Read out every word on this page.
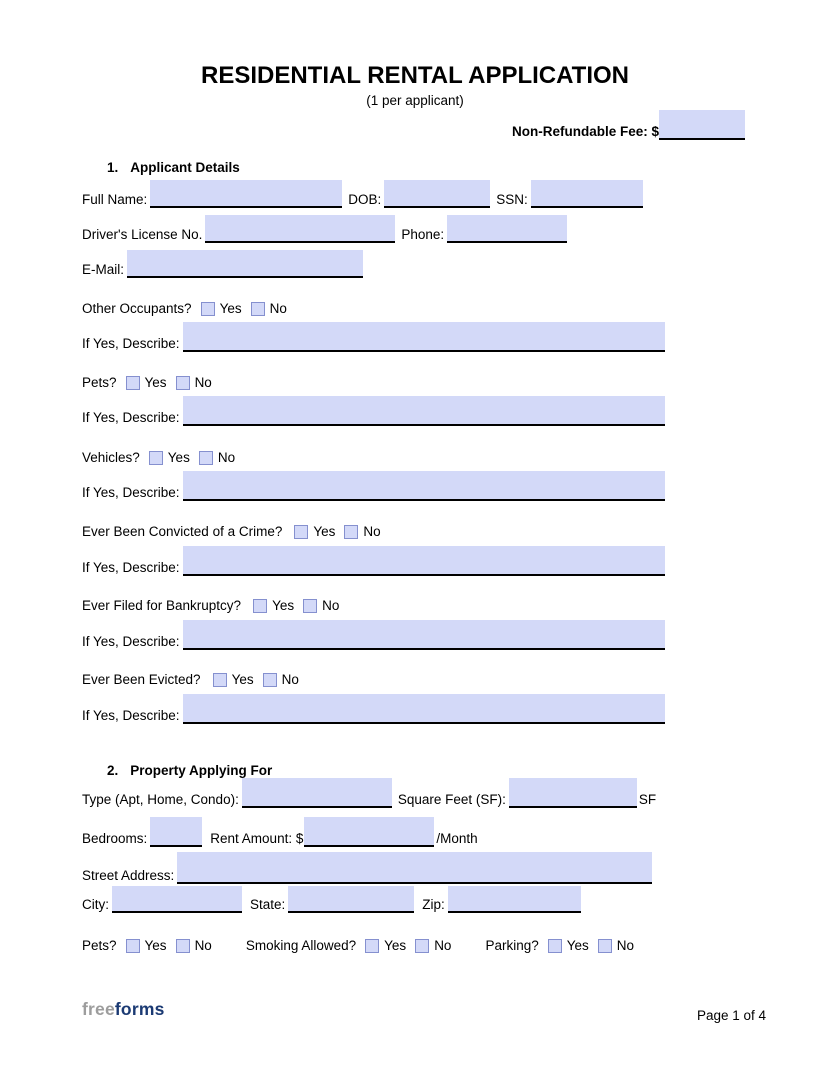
RESIDENTIAL RENTAL APPLICATION
(1 per applicant)
Non-Refundable Fee: $
1. Applicant Details
Full Name:	DOB:	SSN:
Driver's License No.	Phone:
E-Mail:
Other Occupants? Yes No
If Yes, Describe:
Pets? Yes No
If Yes, Describe:
Vehicles? Yes No
If Yes, Describe:
Ever Been Convicted of a Crime? Yes No
If Yes, Describe:
Ever Filed for Bankruptcy? Yes No
If Yes, Describe:
Ever Been Evicted? Yes No
If Yes, Describe:
2. Property Applying For
Type (Apt, Home, Condo):	Square Feet (SF):	SF
Bedrooms:	Rent Amount: $	/Month
Street Address:
City:	State:	Zip:
Pets? Yes No	Smoking Allowed? Yes No	Parking? Yes No
freeforms	Page 1 of 4
